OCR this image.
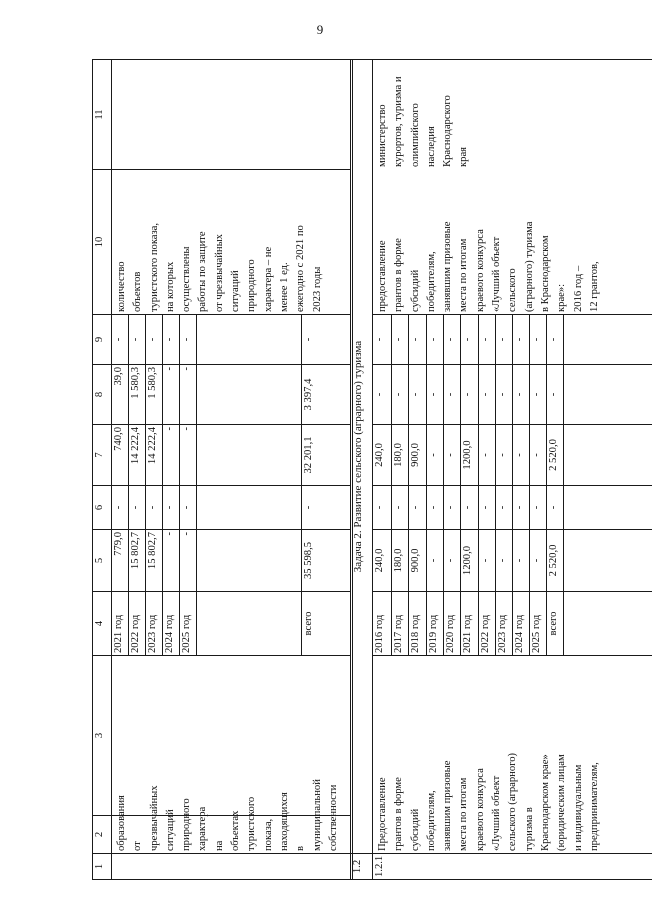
9
1
2
3
4
5
6
7
8
9
10
11
образования от чрезвычайных ситуаций природного характера на объектах туристского показа, находящихся в муниципальной собственности
2021 год
779,0
-
740,0
39,0
-
2022 год
15 802,7
-
14 222,4
1 580,3
-
2023 год
15 802,7
-
14 222,4
1 580,3
-
2024 год
-
-
-
-
-
2025 год
-
-
-
-
-
всего
35 598,5
-
32 201,1
3 397,4
-
количество объектов туристского показа, на которых осуществлены работы по защите от чрезвычайных ситуаций природного характера – не менее 1 ед. ежегодно с 2021 по 2023 годы
1.2
Задача 2. Развитие сельского (аграрного) туризма
1.2.1
Предоставление грантов в форме субсидий победителям, занявшим призовые места по итогам краевого конкурса «Лучший объект сельского (аграрного) туризма в Краснодарском крае» (юридическим лицам и индивидуальным предпринимателям,
2016 год
240,0
-
240,0
-
-
2017 год
180,0
-
180,0
-
-
2018 год
900,0
-
900,0
-
-
2019 год
-
-
-
-
-
2020 год
-
-
-
-
-
2021 год
1200,0
-
1200,0
-
-
2022 год
-
-
-
-
-
2023 год
-
-
-
-
-
2024 год
-
-
-
-
-
2025 год
-
-
-
-
-
всего
2 520,0
-
2 520,0
-
-
предоставление грантов в форме субсидий победителям, занявшим призовые места по итогам краевого конкурса «Лучший объект сельского (аграрного) туризма в Краснодарском крае»: 2016 год – 12 грантов,
министерство курортов, туризма и олимпийского наследия Краснодарского края
